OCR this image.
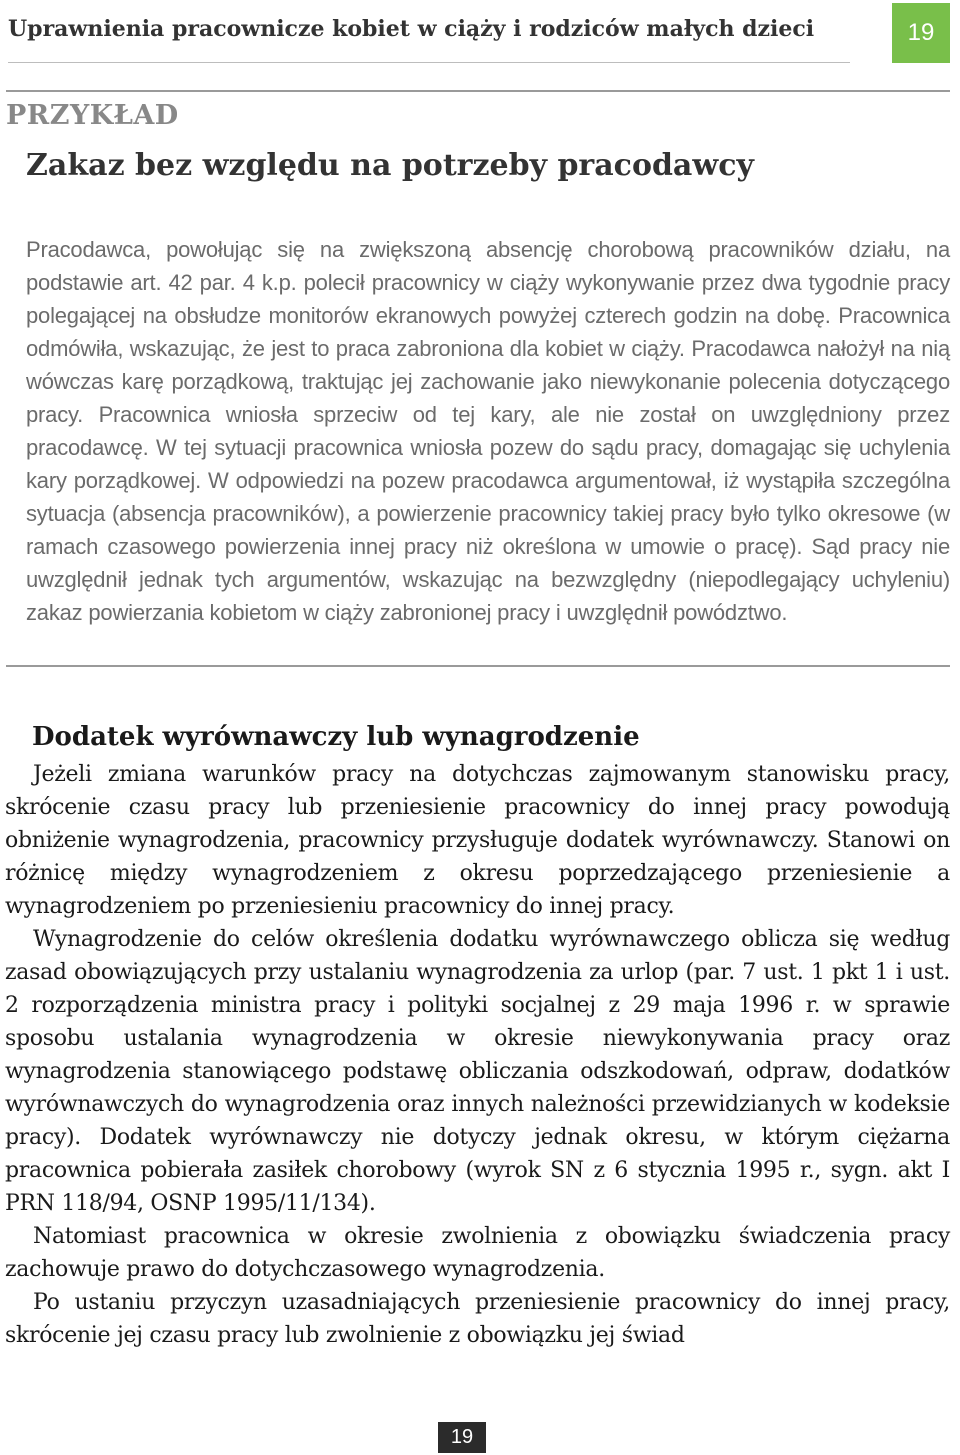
Uprawnienia pracownicze kobiet w ciąży i rodziców małych dzieci	19
PRZYKŁAD
Zakaz bez względu na potrzeby pracodawcy

Pracodawca, powołując się na zwiększoną absencję chorobową pracowników działu, na podstawie art. 42 par. 4 k.p. polecił pracownicy w ciąży wykonywanie przez dwa tygodnie pracy polegającej na obsłudze monitorów ekranowych powyżej czterech godzin na dobę. Pracownica odmówiła, wskazując, że jest to praca zabroniona dla kobiet w ciąży. Pracodawca nałożył na nią wówczas karę porządkową, traktując jej zachowanie jako niewykonanie polecenia dotyczącego pracy. Pracownica wniosła sprzeciw od tej kary, ale nie został on uwzględniony przez pracodawcę. W tej sytuacji pracownica wniosła pozew do sądu pracy, domagając się uchylenia kary porządkowej. W odpowiedzi na pozew pracodawca argumentował, iż wystąpiła szczególna sytuacja (absencja pracowników), a powierzenie pracownicy takiej pracy było tylko okresowe (w ramach czasowego powierzenia innej pracy niż określona w umowie o pracę). Sąd pracy nie uwzględnił jednak tych argumentów, wskazując na bezwzględny (niepodlegający uchyleniu) zakaz powierzania kobietom w ciąży zabronionej pracy i uwzględnił powództwo.

Dodatek wyrównawczy lub wynagrodzenie

Jeżeli zmiana warunków pracy na dotychczas zajmowanym stanowisku pracy, skrócenie czasu pracy lub przeniesienie pracownicy do innej pracy powodują obniżenie wynagrodzenia, pracownicy przysługuje dodatek wyrównawczy. Stanowi on różnicę między wynagrodzeniem z okresu poprzedzającego przeniesienie a wynagrodzeniem po przeniesieniu pracownicy do innej pracy.

Wynagrodzenie do celów określenia dodatku wyrównawczego oblicza się według zasad obowiązujących przy ustalaniu wynagrodzenia za urlop (par. 7 ust. 1 pkt 1 i ust. 2 rozporządzenia ministra pracy i polityki socjalnej z 29 maja 1996 r. w sprawie sposobu ustalania wynagrodzenia w okresie niewykonywania pracy oraz wynagrodzenia stanowiącego podstawę obliczania odszkodowań, odpraw, dodatków wyrównawczych do wynagrodzenia oraz innych należności przewidzianych w kodeksie pracy). Dodatek wyrównawczy nie dotyczy jednak okresu, w którym ciężarna pracownica pobierała zasiłek chorobowy (wyrok SN z 6 stycznia 1995 r., sygn. akt I PRN 118/94, OSNP 1995/11/134).

Natomiast pracownica w okresie zwolnienia z obowiązku świadczenia pracy zachowuje prawo do dotychczasowego wynagrodzenia.

Po ustaniu przyczyn uzasadniających przeniesienie pracownicy do innej pracy, skrócenie jej czasu pracy lub zwolnienie z obowiązku jej świad

19
